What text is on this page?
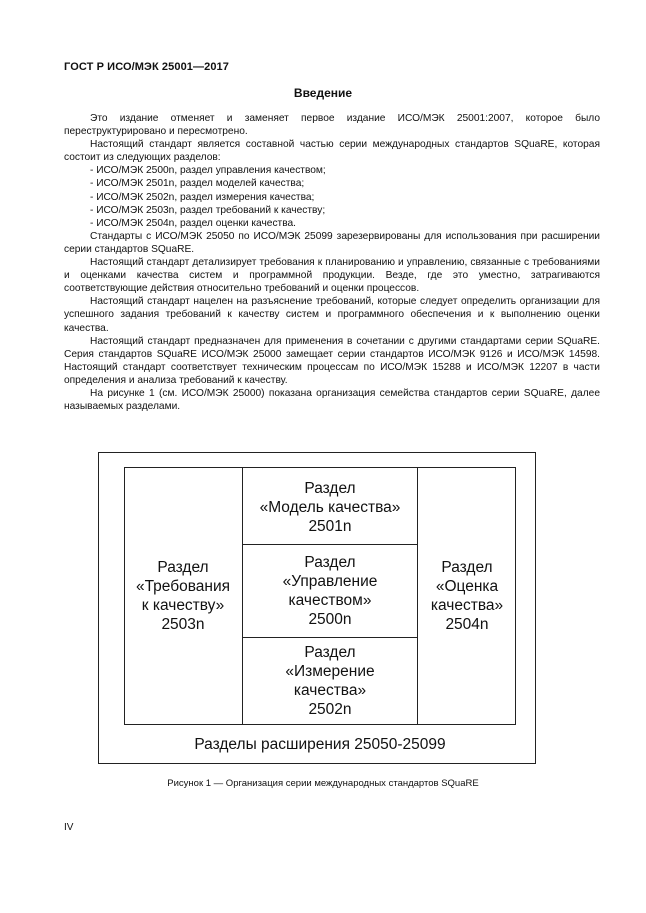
ГОСТ Р ИСО/МЭК 25001—2017
Введение

Это издание отменяет и заменяет первое издание ИСО/МЭК 25001:2007, которое было переструктурировано и пересмотрено.

Настоящий стандарт является составной частью серии международных стандартов SQuaRE, которая состоит из следующих разделов:

- ИСО/МЭК 2500n, раздел управления качеством;

- ИСО/МЭК 2501n, раздел моделей качества;

- ИСО/МЭК 2502n, раздел измерения качества;

- ИСО/МЭК 2503n, раздел требований к качеству;

- ИСО/МЭК 2504n, раздел оценки качества.

Стандарты с ИСО/МЭК 25050 по ИСО/МЭК 25099 зарезервированы для использования при расширении серии стандартов SQuaRE.

Настоящий стандарт детализирует требования к планированию и управлению, связанные с требованиями и оценками качества систем и программной продукции. Везде, где это уместно, затрагиваются соответствующие действия относительно требований и оценки процессов.

Настоящий стандарт нацелен на разъяснение требований, которые следует определить организации для успешного задания требований к качеству систем и программного обеспечения и к выполнению оценки качества.

Настоящий стандарт предназначен для применения в сочетании с другими стандартами серии SQuaRE. Серия стандартов SQuaRE ИСО/МЭК 25000 замещает серии стандартов ИСО/МЭК 9126 и ИСО/МЭК 14598. Настоящий стандарт соответствует техническим процессам по ИСО/МЭК 15288 и ИСО/МЭК 12207 в части определения и анализа требований к качеству.

На рисунке 1 (см. ИСО/МЭК 25000) показана организация семейства стандартов серии SQuaRE, далее называемых разделами.

Раздел
«Требования
к качеству»
2503n
Раздел
«Модель качества»
2501n
Раздел
«Управление
качеством»
2500n
Раздел
«Измерение
качества»
2502n
Раздел
«Оценка
качества»
2504n
Разделы расширения 25050-25099
Рисунок 1 — Организация серии международных стандартов SQuaRE
IV
